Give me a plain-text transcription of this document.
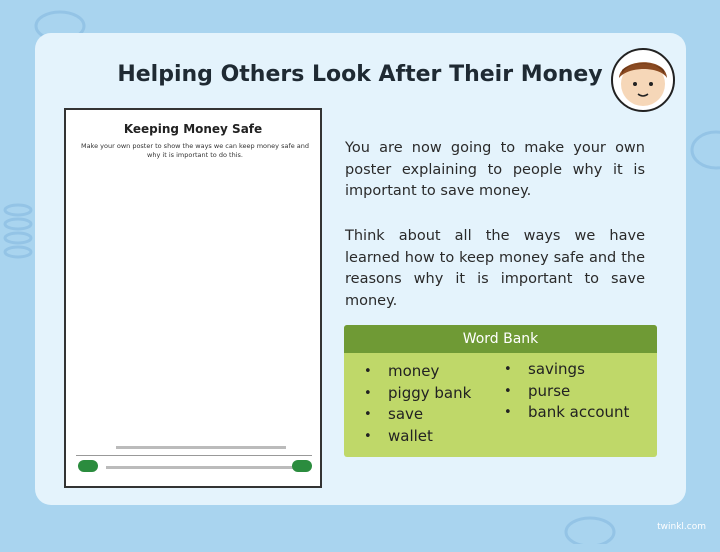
Helping Others Look After Their Money
Keeping Money Safe
Make your own poster to show the ways we can keep money safe and why it is important to do this.	You are now going to make your own poster explaining to people why it is important to save money.

Think about all the ways we have learned how to keep money safe and the reasons why it is important to save money.

Word Bank
• money
• piggy bank
• save
• wallet
• savings
• purse
• bank account
twinkl.com
